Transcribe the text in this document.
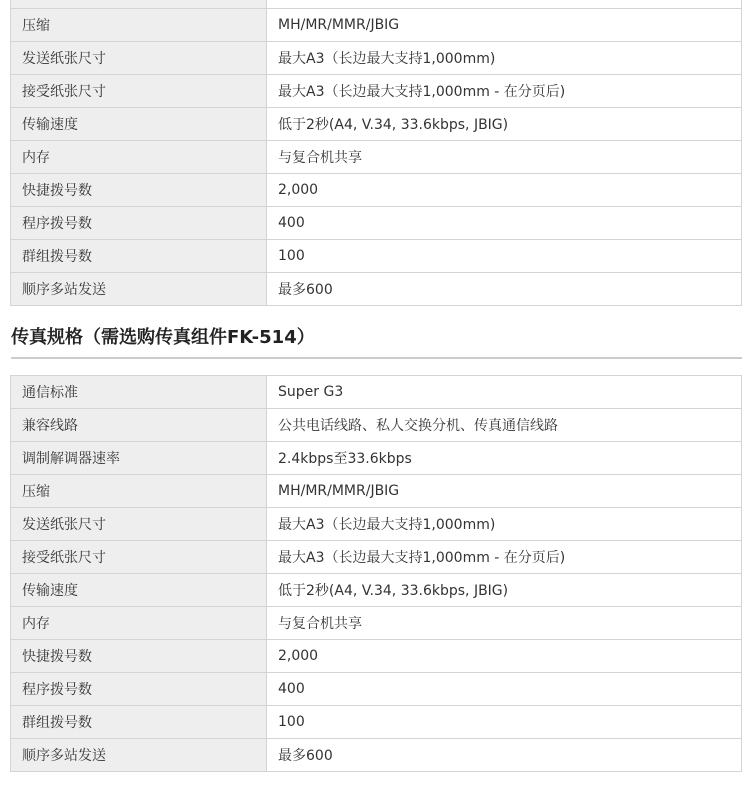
压缩	MH/MR/MMR/JBIG
发送纸张尺寸	最大A3（长边最大支持1,000mm)
接受纸张尺寸	最大A3（长边最大支持1,000mm - 在分页后)
传输速度	低于2秒(A4, V.34, 33.6kbps, JBIG)
内存	与复合机共享
快捷拨号数	2,000
程序拨号数	400
群组拨号数	100
顺序多站发送	最多600
传真规格（需选购传真组件FK-514）
通信标准	Super G3
兼容线路	公共电话线路、私人交换分机、传真通信线路
调制解调器速率	2.4kbps至33.6kbps
压缩	MH/MR/MMR/JBIG
发送纸张尺寸	最大A3（长边最大支持1,000mm)
接受纸张尺寸	最大A3（长边最大支持1,000mm - 在分页后)
传输速度	低于2秒(A4, V.34, 33.6kbps, JBIG)
内存	与复合机共享
快捷拨号数	2,000
程序拨号数	400
群组拨号数	100
顺序多站发送	最多600
